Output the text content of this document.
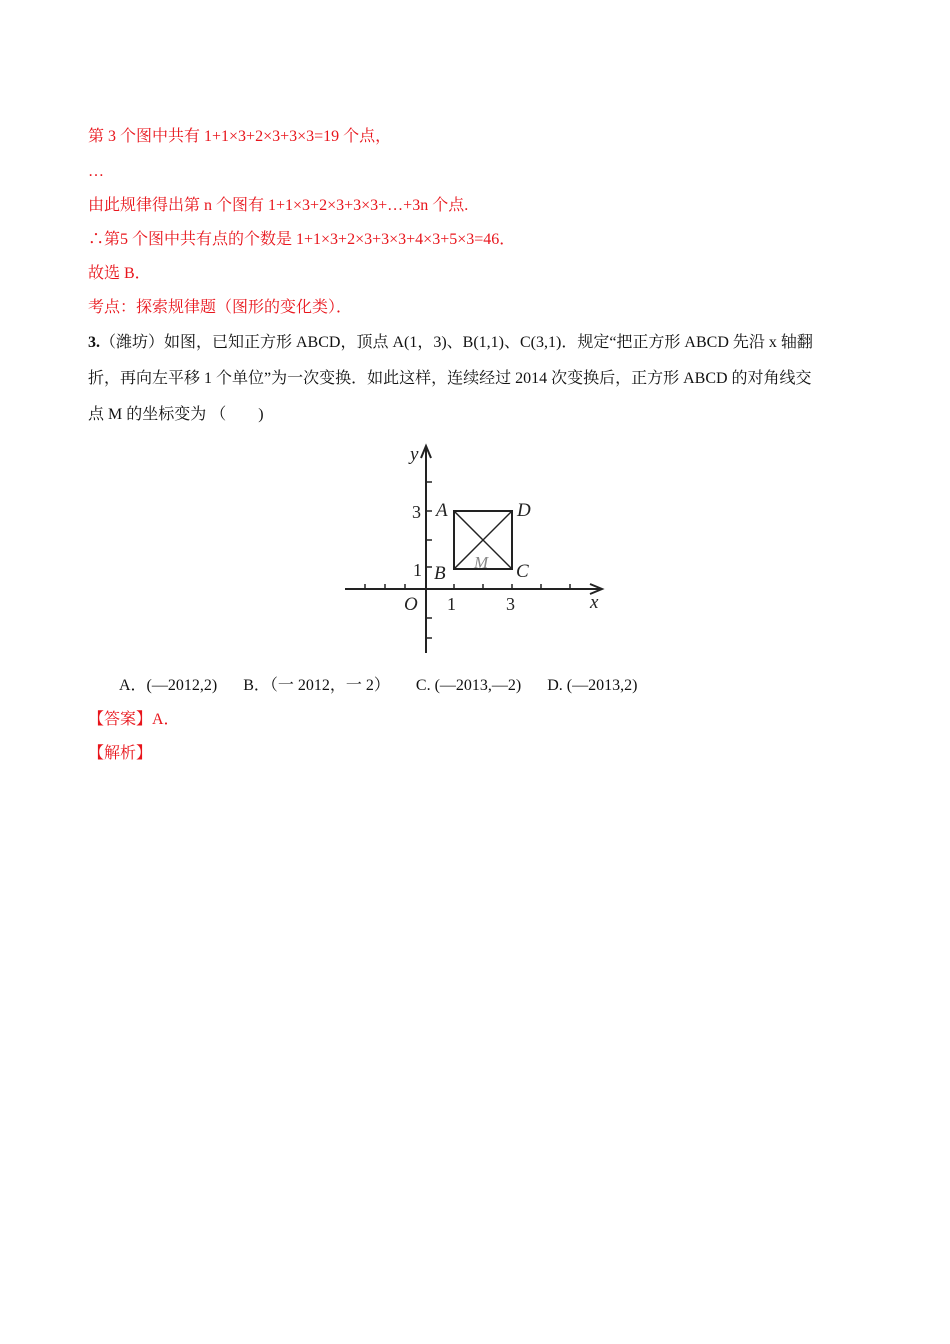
第 3 个图中共有 1+1×3+2×3+3×3=19 个点，
…
由此规律得出第 n 个图有 1+1×3+2×3+3×3+…+3n 个点.
∴第5 个图中共有点的个数是 1+1×3+2×3+3×3+4×3+5×3=46．
故选 B．
考点：探索规律题（图形的变化类）．
3.（潍坊）如图，已知正方形 ABCD，顶点 A(1，3)、B(1,1)、C(3,1)．规定“把正方形 ABCD 先沿 x 轴翻
折，再向左平移 1 个单位”为一次变换．如此这样，连续经过 2014 次变换后，正方形 ABCD 的对角线交
点 M 的坐标变为 （　　)
y
x
O
A	D
B	C
M
3
1
1	3
A．(—2012,2) B．（一 2012，一 2） C. (—2013,—2) D. (—2013,2)
【答案】A．
【解析】
